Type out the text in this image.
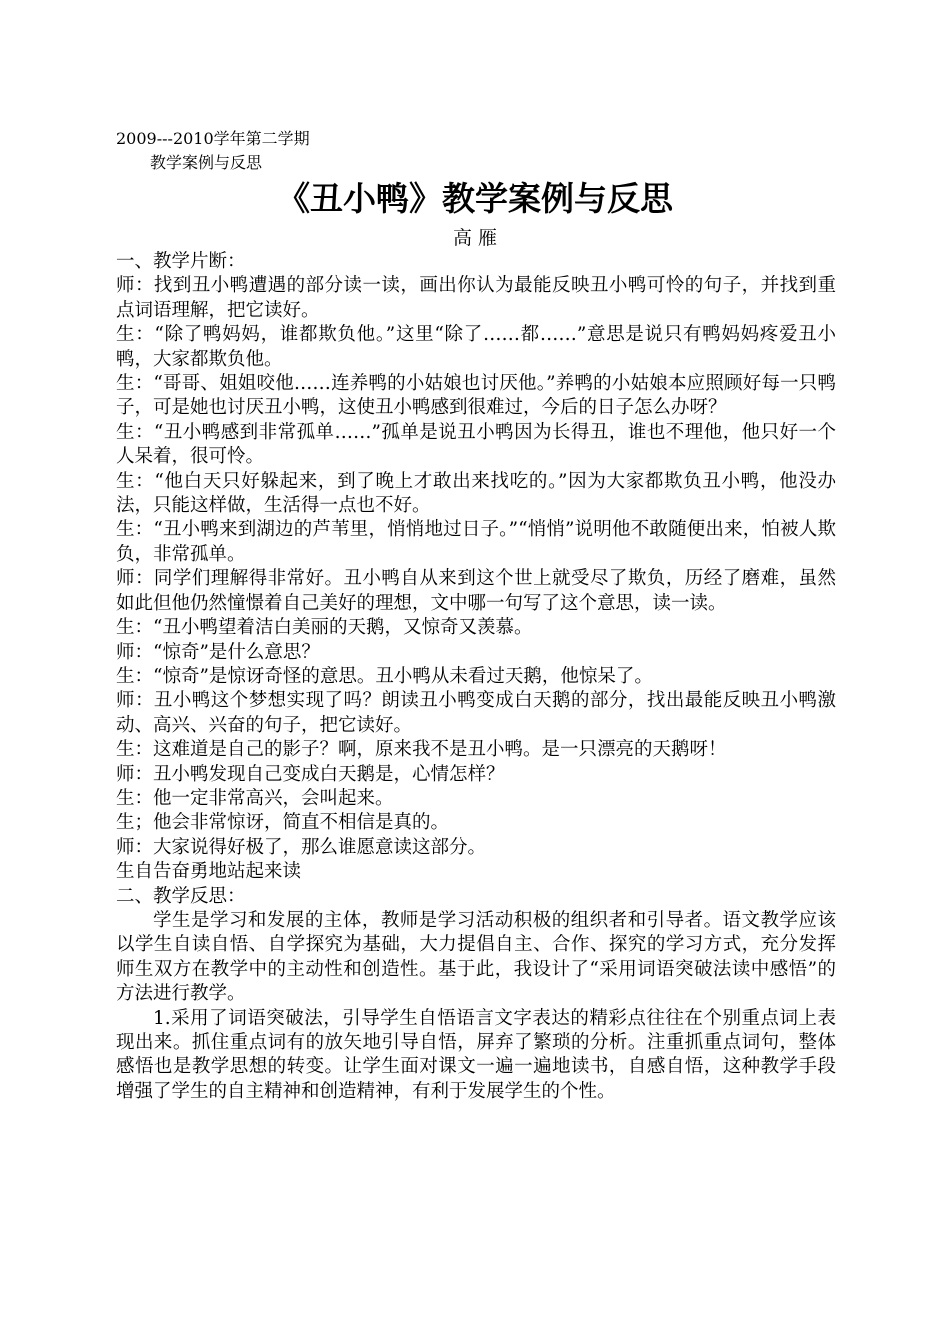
2009---2010学年第二学期
教学案例与反思
《丑小鸭》教学案例与反思
高 雁

一、教学片断：

师：找到丑小鸭遭遇的部分读一读，画出你认为最能反映丑小鸭可怜的句子，并找到重点词语理解，把它读好。

生：“除了鸭妈妈，谁都欺负他。”这里“除了……都……”意思是说只有鸭妈妈疼爱丑小鸭，大家都欺负他。

生：“哥哥、姐姐咬他……连养鸭的小姑娘也讨厌他。”养鸭的小姑娘本应照顾好每一只鸭子，可是她也讨厌丑小鸭，这使丑小鸭感到很难过，今后的日子怎么办呀？

生：“丑小鸭感到非常孤单……”孤单是说丑小鸭因为长得丑，谁也不理他，他只好一个人呆着，很可怜。

生：“他白天只好躲起来，到了晚上才敢出来找吃的。”因为大家都欺负丑小鸭，他没办法，只能这样做，生活得一点也不好。

生：“丑小鸭来到湖边的芦苇里，悄悄地过日子。”“悄悄”说明他不敢随便出来，怕被人欺负，非常孤单。

师：同学们理解得非常好。丑小鸭自从来到这个世上就受尽了欺负，历经了磨难，虽然如此但他仍然憧憬着自己美好的理想，文中哪一句写了这个意思，读一读。

生：“丑小鸭望着洁白美丽的天鹅，又惊奇又羡慕。

师：“惊奇”是什么意思？

生：“惊奇”是惊讶奇怪的意思。丑小鸭从未看过天鹅，他惊呆了。

师：丑小鸭这个梦想实现了吗？朗读丑小鸭变成白天鹅的部分，找出最能反映丑小鸭激动、高兴、兴奋的句子，把它读好。

生：这难道是自己的影子？啊，原来我不是丑小鸭。是一只漂亮的天鹅呀！

师：丑小鸭发现自己变成白天鹅是，心情怎样？

生：他一定非常高兴，会叫起来。

生；他会非常惊讶，简直不相信是真的。

师：大家说得好极了，那么谁愿意读这部分。

生自告奋勇地站起来读

二、教学反思：

学生是学习和发展的主体，教师是学习活动积极的组织者和引导者。语文教学应该以学生自读自悟、自学探究为基础，大力提倡自主、合作、探究的学习方式，充分发挥师生双方在教学中的主动性和创造性。基于此，我设计了“采用词语突破法读中感悟”的方法进行教学。

1.采用了词语突破法，引导学生自悟语言文字表达的精彩点往往在个别重点词上表现出来。抓住重点词有的放矢地引导自悟，屏弃了繁琐的分析。注重抓重点词句，整体感悟也是教学思想的转变。让学生面对课文一遍一遍地读书，自感自悟，这种教学手段增强了学生的自主精神和创造精神，有利于发展学生的个性。
